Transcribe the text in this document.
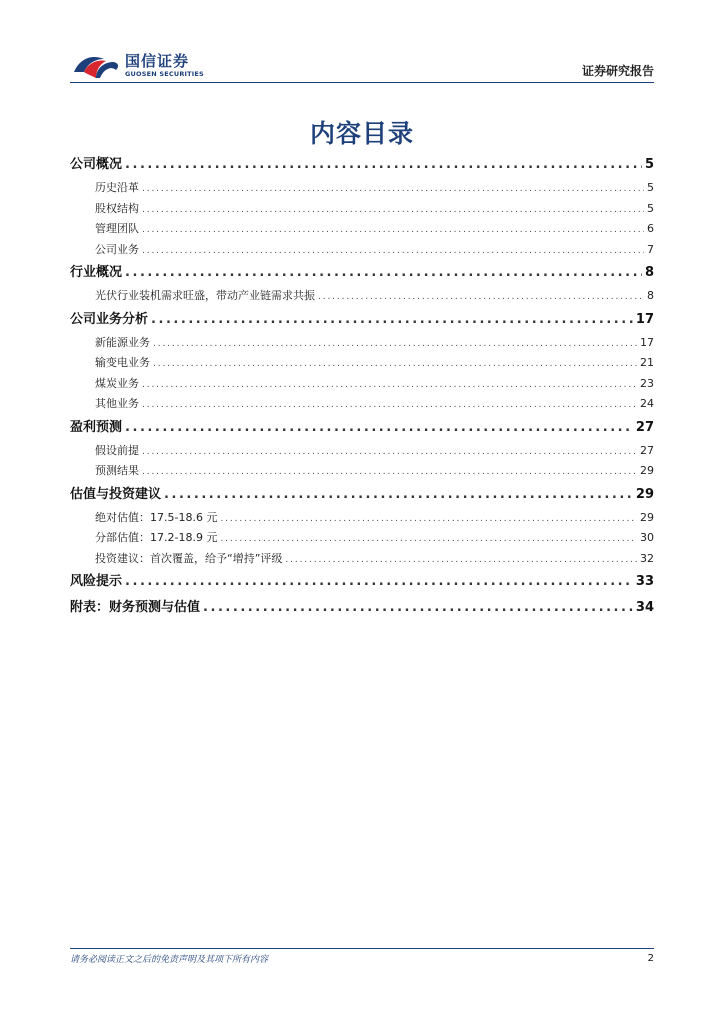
国信证券
GUOSEN SECURITIES	证券研究报告
内容目录
公司概况 . . .	5
历史沿革 . . .	5
股权结构 . . .	5
管理团队 . . .	6
公司业务 . . .	7
行业概况 . . .	8
光伏行业装机需求旺盛，带动产业链需求共振 . . .	8
公司业务分析 . . .	17
新能源业务 . . .	17
输变电业务 . . .	21
煤炭业务 . . .	23
其他业务 . . .	24
盈利预测 . . .	27
假设前提 . . .	27
预测结果 . . .	29
估值与投资建议 . . .	29
绝对估值：17.5-18.6 元 . . .	29
分部估值：17.2-18.9 元 . . .	30
投资建议：首次覆盖，给予“增持”评级 . . .	32
风险提示 . . .	33
附表：财务预测与估值 . . .	34
请务必阅读正文之后的免责声明及其项下所有内容	2
